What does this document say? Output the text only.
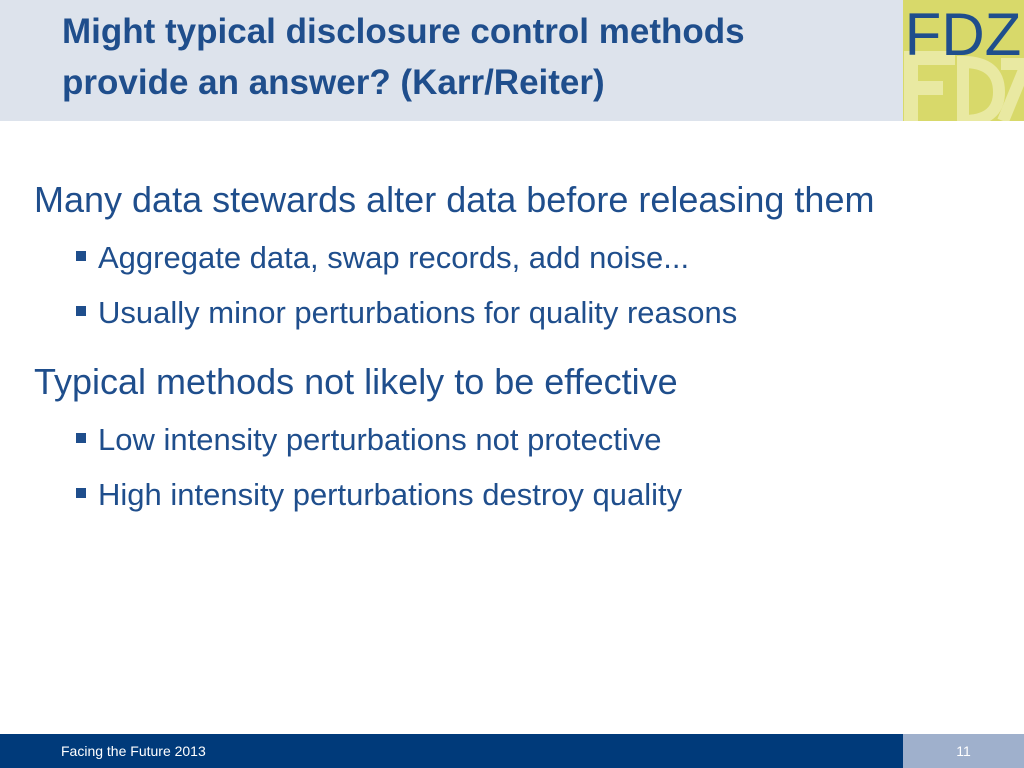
Might typical disclosure control methods
provide an answer? (Karr/Reiter)
FDZ
Many data stewards alter data before releasing them
Aggregate data, swap records, add noise...
Usually minor perturbations for quality reasons
Typical methods not likely to be effective
Low intensity perturbations not protective
High intensity perturbations destroy quality
Facing the Future 2013	11
